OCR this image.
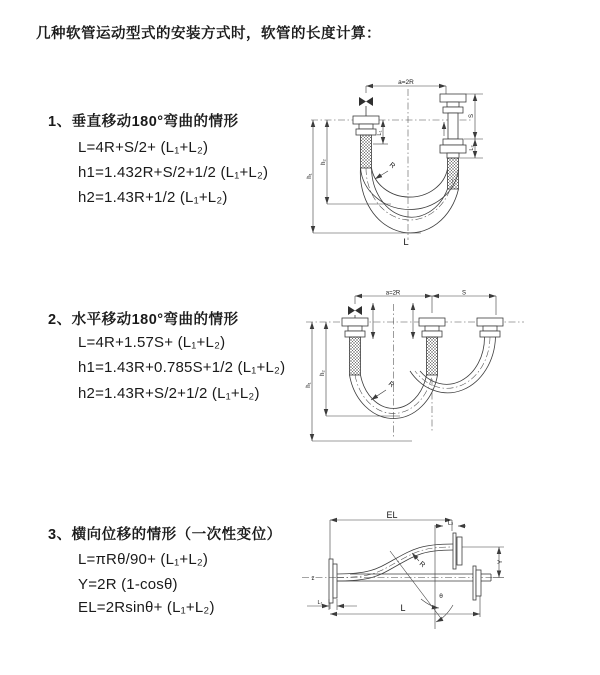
几种软管运动型式的安装方式时，软管的长度计算：
1、垂直移动180°弯曲的情形
L=4R+S/2+ (L₁+L₂)
h1=1.432R+S/2+1/2 (L₁+L₂)
h2=1.43R+1/2 (L₁+L₂)
2、水平移动180°弯曲的情形
L=4R+1.57S+ (L₁+L₂)
h1=1.43R+0.785S+1/2 (L₁+L₂)
h2=1.43R+S/2+1/2 (L₁+L₂)
3、横向位移的情形（一次性变位）
L=πRθ/90+ (L₁+L₂)
Y=2R (1-cosθ)
EL=2Rsinθ+ (L₁+L₂)
a=2R
L₁
S
L₂
h₁
h₂	R
L
a=2R	S
h₁
h₂
R
EL
L₂
z
Y
R
θ
L₁	L
